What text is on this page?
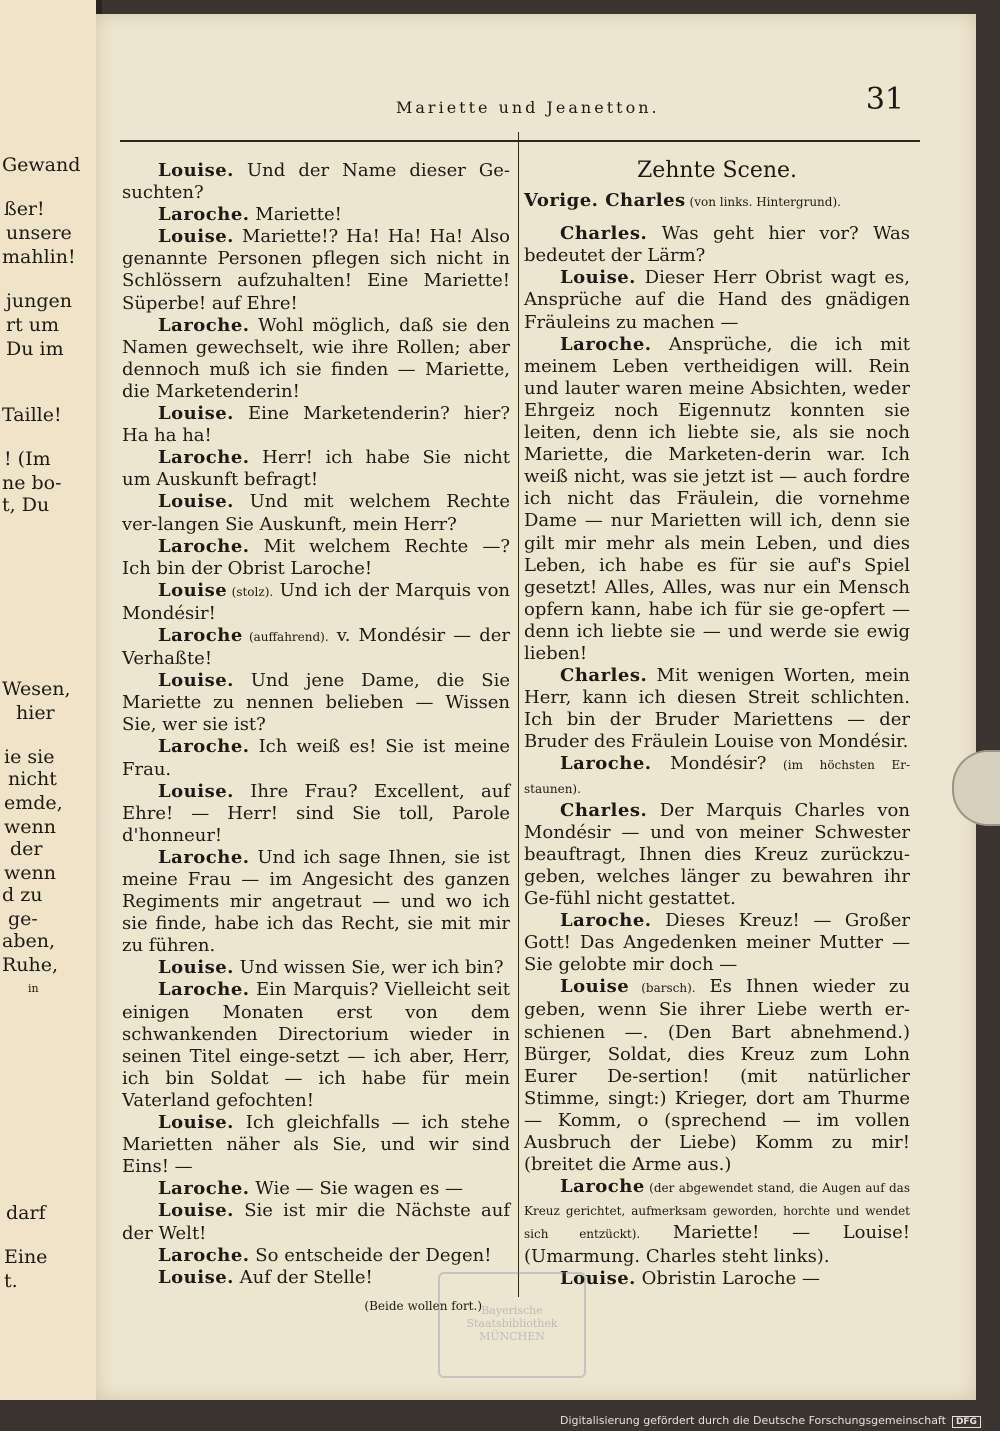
Gewand
ßer!
unsere
mahlin!
jungen
rt um
Du im
Taille!
! (Im
ne bo-
t, Du
Wesen,
hier
ie sie
nicht
emde,
wenn
der
wenn
d zu
ge-
aben,
Ruhe,
in
darf
Eine
t.
Mariette und Jeanetton.	31

Louise. Und der Name dieser Ge-suchten?

Laroche. Mariette!

Louise. Mariette!? Ha! Ha! Ha! Also genannte Personen pflegen sich nicht in Schlössern aufzuhalten! Eine Mariette! Süperbe! auf Ehre!

Laroche. Wohl möglich, daß sie den Namen gewechselt, wie ihre Rollen; aber dennoch muß ich sie finden — Mariette, die Marketenderin!

Louise. Eine Marketenderin? hier? Ha ha ha!

Laroche. Herr! ich habe Sie nicht um Auskunft befragt!

Louise. Und mit welchem Rechte ver-langen Sie Auskunft, mein Herr?

Laroche. Mit welchem Rechte —? Ich bin der Obrist Laroche!

Louise (stolz). Und ich der Marquis von Mondésir!

Laroche (auffahrend). v. Mondésir — der Verhaßte!

Louise. Und jene Dame, die Sie Mariette zu nennen belieben — Wissen Sie, wer sie ist?

Laroche. Ich weiß es! Sie ist meine Frau.

Louise. Ihre Frau? Excellent, auf Ehre! — Herr! sind Sie toll, Parole d'honneur!

Laroche. Und ich sage Ihnen, sie ist meine Frau — im Angesicht des ganzen Regiments mir angetraut — und wo ich sie finde, habe ich das Recht, sie mit mir zu führen.

Louise. Und wissen Sie, wer ich bin?

Laroche. Ein Marquis? Vielleicht seit einigen Monaten erst von dem schwankenden Directorium wieder in seinen Titel einge-setzt — ich aber, Herr, ich bin Soldat — ich habe für mein Vaterland gefochten!

Louise. Ich gleichfalls — ich stehe Marietten näher als Sie, und wir sind Eins! —

Laroche. Wie — Sie wagen es —

Louise. Sie ist mir die Nächste auf der Welt!

Laroche. So entscheide der Degen!

Louise. Auf der Stelle!

(Beide wollen fort.)

Zehnte Scene.

Vorige. Charles (von links. Hintergrund).

Charles. Was geht hier vor? Was bedeutet der Lärm?

Louise. Dieser Herr Obrist wagt es, Ansprüche auf die Hand des gnädigen Fräuleins zu machen —

Laroche. Ansprüche, die ich mit meinem Leben vertheidigen will. Rein und lauter waren meine Absichten, weder Ehrgeiz noch Eigennutz konnten sie leiten, denn ich liebte sie, als sie noch Mariette, die Marketen-derin war. Ich weiß nicht, was sie jetzt ist — auch fordre ich nicht das Fräulein, die vornehme Dame — nur Marietten will ich, denn sie gilt mir mehr als mein Leben, und dies Leben, ich habe es für sie auf's Spiel gesetzt! Alles, Alles, was nur ein Mensch opfern kann, habe ich für sie ge-opfert — denn ich liebte sie — und werde sie ewig lieben!

Charles. Mit wenigen Worten, mein Herr, kann ich diesen Streit schlichten. Ich bin der Bruder Mariettens — der Bruder des Fräulein Louise von Mondésir.

Laroche. Mondésir? (im höchsten Er-staunen).

Charles. Der Marquis Charles von Mondésir — und von meiner Schwester beauftragt, Ihnen dies Kreuz zurückzu-geben, welches länger zu bewahren ihr Ge-fühl nicht gestattet.

Laroche. Dieses Kreuz! — Großer Gott! Das Angedenken meiner Mutter — Sie gelobte mir doch —

Louise (barsch). Es Ihnen wieder zu geben, wenn Sie ihrer Liebe werth er-schienen —. (Den Bart abnehmend.) Bürger, Soldat, dies Kreuz zum Lohn Eurer De-sertion! (mit natürlicher Stimme, singt:) Krieger, dort am Thurme — Komm, o (sprechend — im vollen Ausbruch der Liebe) Komm zu mir! (breitet die Arme aus.)

Laroche (der abgewendet stand, die Augen auf das Kreuz gerichtet, aufmerksam geworden, horchte und wendet sich entzückt). Mariette! — Louise! (Umarmung. Charles steht links).

Louise. Obristin Laroche —

Bayerische Staatsbibliothek MÜNCHEN
Digitalisierung gefördert durch die Deutsche Forschungsgemeinschaft DFG
